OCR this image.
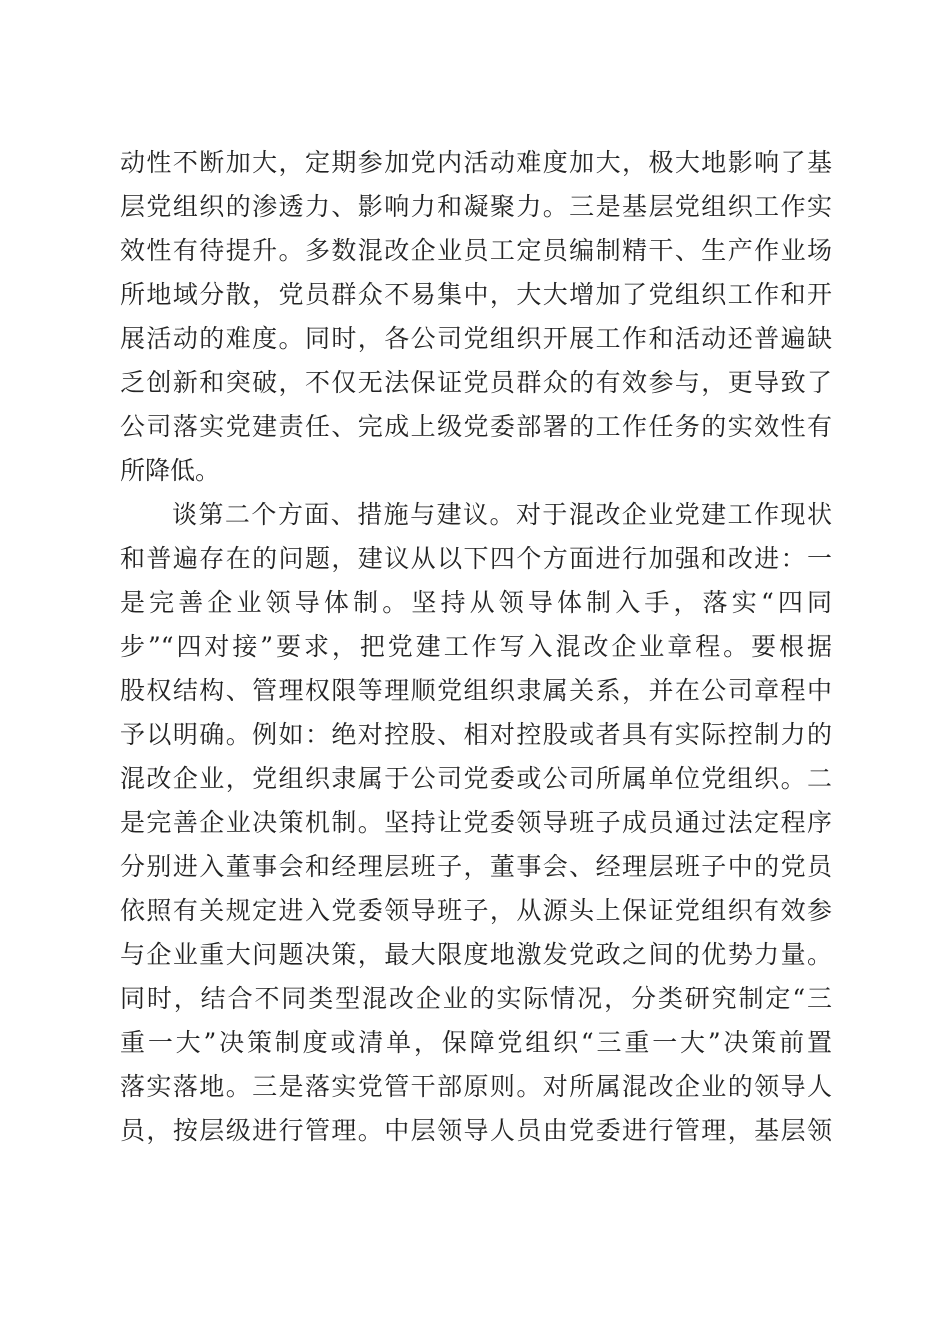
动性不断加大，定期参加党内活动难度加大，极大地影响了基
层党组织的渗透力、影响力和凝聚力。三是基层党组织工作实
效性有待提升。多数混改企业员工定员编制精干、生产作业场
所地域分散，党员群众不易集中，大大增加了党组织工作和开
展活动的难度。同时，各公司党组织开展工作和活动还普遍缺
乏创新和突破，不仅无法保证党员群众的有效参与，更导致了
公司落实党建责任、完成上级党委部署的工作任务的实效性有
所降低。
谈第二个方面、措施与建议。对于混改企业党建工作现状
和普遍存在的问题，建议从以下四个方面进行加强和改进：一
是完善企业领导体制。坚持从领导体制入手，落实“四同
步”“四对接”要求，把党建工作写入混改企业章程。要根据
股权结构、管理权限等理顺党组织隶属关系，并在公司章程中
予以明确。例如：绝对控股、相对控股或者具有实际控制力的
混改企业，党组织隶属于公司党委或公司所属单位党组织。二
是完善企业决策机制。坚持让党委领导班子成员通过法定程序
分别进入董事会和经理层班子，董事会、经理层班子中的党员
依照有关规定进入党委领导班子，从源头上保证党组织有效参
与企业重大问题决策，最大限度地激发党政之间的优势力量。
同时，结合不同类型混改企业的实际情况，分类研究制定“三
重一大”决策制度或清单，保障党组织“三重一大”决策前置
落实落地。三是落实党管干部原则。对所属混改企业的领导人
员，按层级进行管理。中层领导人员由党委进行管理，基层领
